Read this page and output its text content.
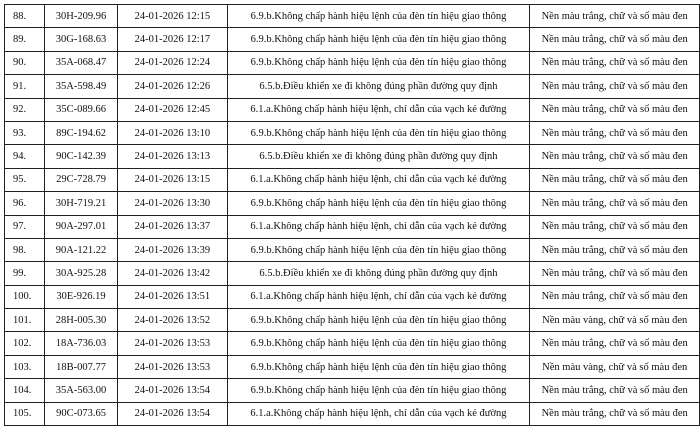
88.	30H-209.96	24-01-2026 12:15	6.9.b.Không chấp hành hiệu lệnh của đèn tín hiệu giao thông	Nền màu trắng, chữ và số màu đen
89.	30G-168.63	24-01-2026 12:17	6.9.b.Không chấp hành hiệu lệnh của đèn tín hiệu giao thông	Nền màu trắng, chữ và số màu đen
90.	35A-068.47	24-01-2026 12:24	6.9.b.Không chấp hành hiệu lệnh của đèn tín hiệu giao thông	Nền màu trắng, chữ và số màu đen
91.	35A-598.49	24-01-2026 12:26	6.5.b.Điều khiển xe đi không đúng phần đường quy định	Nền màu trắng, chữ và số màu đen
92.	35C-089.66	24-01-2026 12:45	6.1.a.Không chấp hành hiệu lệnh, chỉ dẫn của vạch kẻ đường	Nền màu trắng, chữ và số màu đen
93.	89C-194.62	24-01-2026 13:10	6.9.b.Không chấp hành hiệu lệnh của đèn tín hiệu giao thông	Nền màu trắng, chữ và số màu đen
94.	90C-142.39	24-01-2026 13:13	6.5.b.Điều khiển xe đi không đúng phần đường quy định	Nền màu trắng, chữ và số màu đen
95.	29C-728.79	24-01-2026 13:15	6.1.a.Không chấp hành hiệu lệnh, chỉ dẫn của vạch kẻ đường	Nền màu trắng, chữ và số màu đen
96.	30H-719.21	24-01-2026 13:30	6.9.b.Không chấp hành hiệu lệnh của đèn tín hiệu giao thông	Nền màu trắng, chữ và số màu đen
97.	90A-297.01	24-01-2026 13:37	6.1.a.Không chấp hành hiệu lệnh, chỉ dẫn của vạch kẻ đường	Nền màu trắng, chữ và số màu đen
98.	90A-121.22	24-01-2026 13:39	6.9.b.Không chấp hành hiệu lệnh của đèn tín hiệu giao thông	Nền màu trắng, chữ và số màu đen
99.	30A-925.28	24-01-2026 13:42	6.5.b.Điều khiển xe đi không đúng phần đường quy định	Nền màu trắng, chữ và số màu đen
100.	30E-926.19	24-01-2026 13:51	6.1.a.Không chấp hành hiệu lệnh, chỉ dẫn của vạch kẻ đường	Nền màu trắng, chữ và số màu đen
101.	28H-005.30	24-01-2026 13:52	6.9.b.Không chấp hành hiệu lệnh của đèn tín hiệu giao thông	Nền màu vàng, chữ và số màu đen
102.	18A-736.03	24-01-2026 13:53	6.9.b.Không chấp hành hiệu lệnh của đèn tín hiệu giao thông	Nền màu trắng, chữ và số màu đen
103.	18B-007.77	24-01-2026 13:53	6.9.b.Không chấp hành hiệu lệnh của đèn tín hiệu giao thông	Nền màu vàng, chữ và số màu đen
104.	35A-563.00	24-01-2026 13:54	6.9.b.Không chấp hành hiệu lệnh của đèn tín hiệu giao thông	Nền màu trắng, chữ và số màu đen
105.	90C-073.65	24-01-2026 13:54	6.1.a.Không chấp hành hiệu lệnh, chỉ dẫn của vạch kẻ đường	Nền màu trắng, chữ và số màu đen
